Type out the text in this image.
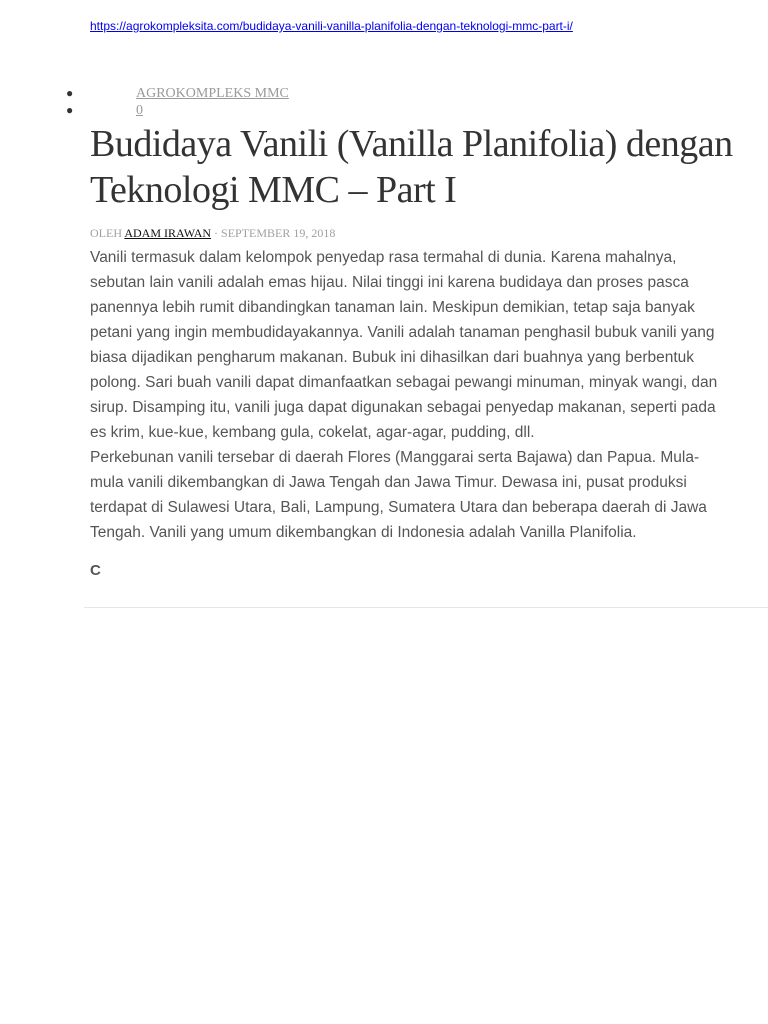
https://agrokompleksita.com/budidaya-vanili-vanilla-planifolia-dengan-teknologi-mmc-part-i/
●	AGROKOMPLEKS MMC
●	0
Budidaya Vanili (Vanilla Planifolia) dengan Teknologi MMC – Part I
OLEH ADAM IRAWAN · SEPTEMBER 19, 2018

Vanili termasuk dalam kelompok penyedap rasa termahal di dunia. Karena mahalnya, sebutan lain vanili adalah emas hijau. Nilai tinggi ini karena budidaya dan proses pasca panennya lebih rumit dibandingkan tanaman lain. Meskipun demikian, tetap saja banyak petani yang ingin membudidayakannya. Vanili adalah tanaman penghasil bubuk vanili yang biasa dijadikan pengharum makanan. Bubuk ini dihasilkan dari buahnya yang berbentuk polong. Sari buah vanili dapat dimanfaatkan sebagai pewangi minuman, minyak wangi, dan sirup. Disamping itu, vanili juga dapat digunakan sebagai penyedap makanan, seperti pada es krim, kue-kue, kembang gula, cokelat, agar-agar, pudding, dll.

Perkebunan vanili tersebar di daerah Flores (Manggarai serta Bajawa) dan Papua. Mula-mula vanili dikembangkan di Jawa Tengah dan Jawa Timur. Dewasa ini, pusat produksi terdapat di Sulawesi Utara, Bali, Lampung, Sumatera Utara dan beberapa daerah di Jawa Tengah. Vanili yang umum dikembangkan di Indonesia adalah Vanilla Planifolia.

C
